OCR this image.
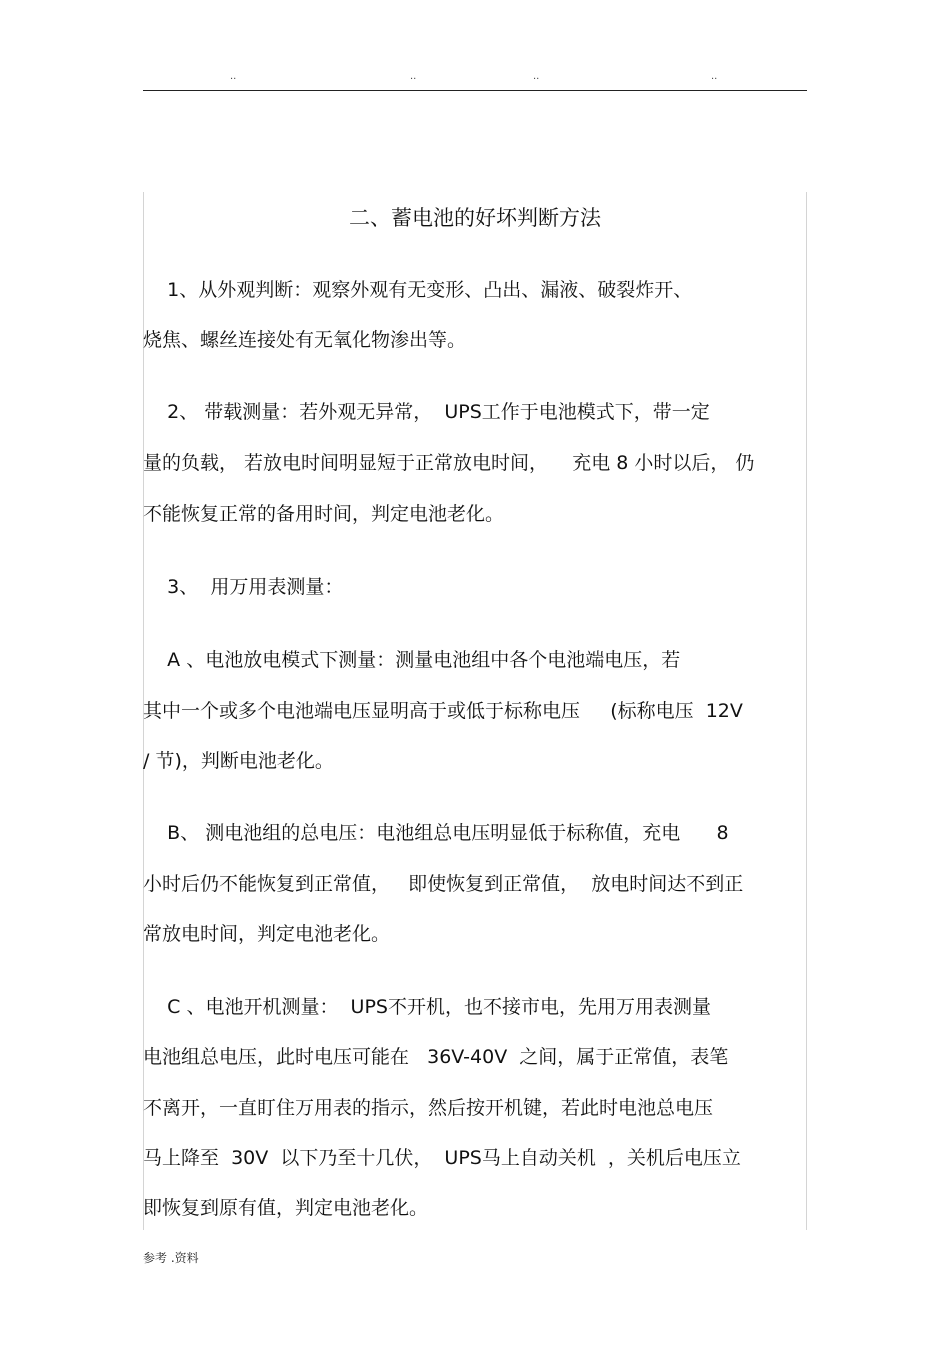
..	..	..	..
二、蓄电池的好坏判断方法
1、从外观判断：观察外观有无变形、凸出、漏液、破裂炸开、
烧焦、螺丝连接处有无氧化物渗出等。
2、 带载测量：若外观无异常，  UPS工作于电池模式下，带一定
量的负载， 若放电时间明显短于正常放电时间，    充电 8 小时以后， 仍
不能恢复正常的备用时间，判定电池老化。
3、  用万用表测量：
A 、电池放电模式下测量：测量电池组中各个电池端电压，若
其中一个或多个电池端电压显明高于或低于标称电压     (标称电压  12V
/ 节)，判断电池老化。
B、 测电池组的总电压：电池组总电压明显低于标称值，充电      8
小时后仍不能恢复到正常值，   即使恢复到正常值，  放电时间达不到正
常放电时间，判定电池老化。
C 、电池开机测量：  UPS不开机，也不接市电，先用万用表测量
电池组总电压，此时电压可能在   36V-40V  之间，属于正常值，表笔
不离开，一直盯住万用表的指示，然后按开机键，若此时电池总电压
马上降至  30V  以下乃至十几伏，  UPS马上自动关机  ，关机后电压立
即恢复到原有值，判定电池老化。
参考 .资料
